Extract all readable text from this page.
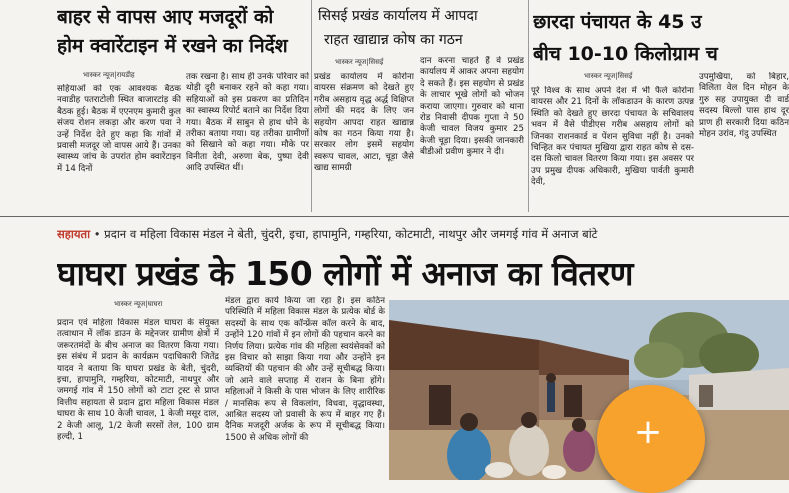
बाहर से वापस आए मजदूरों को
होम क्वारेंटाइन में रखने का निर्देश
भास्कर न्यूज|रायडीह
सहियाओं को एक आवश्यक बैठक नवाडीह पतराटोली स्थित बाजारटांड़ की बैठक हुई। बैठक में एएनएम कुमारी कुल संजय रोशन लकड़ा और करण पवा ने उन्हें निर्देश देते हुए कहा कि गांवों में प्रवासी मजदूर जो वापस आये हैं। उनका स्वास्थ्य जांच के उपरांत होम क्वारेंटाइन में 14 दिनों
तक रखना है। साथ ही उनके परिवार को थोड़ी दूरी बनाकर रहने को कहा गया। सहियाओं को इस प्रकरण का प्रतिदिन का स्वास्थ्य रिपोर्ट बताने का निर्देश दिया गया। बैठक में साबुन से हाथ धोने के तरीका बताया गया। यह तरीका ग्रामीणों को सिखाने को कहा गया। मौके पर विनीता देवी, अरुणा बेक, पुष्पा देवी आदि उपस्थित थीं।
सिसई प्रखंड कार्यालय में आपदा
राहत खाद्यान्न कोष का गठन
भास्कर न्यूज|सिसई
प्रखंड कार्यालय में कोरोना वायरस संक्रमण को देखते हुए गरीब असहाय वृद्ध अर्द्ध विक्षिप्त लोगों की मदद के लिए जन सहयोग आपदा राहत खाद्यान्न कोष का गठन किया गया है। सरकार लोग इसमें सहयोग स्वरूप चावल, आटा, चूड़ा जैसे खाद्य सामग्री
दान करना चाहते हैं वे प्रखंड कार्यालय में आकर अपना सहयोग दे सकते हैं। इस सहयोग से प्रखंड के लाचार भूखे लोगों को भोजन कराया जाएगा। गुरुवार को थाना रोड निवासी दीपक गुप्ता ने 50 केजी चावल विजय कुमार 25 केजी चूड़ा दिया। इसकी जानकारी बीडीओ प्रवीण कुमार ने दी।
छारदा पंचायत के 45 उ
बीच 10-10 किलोग्राम च
भास्कर न्यूज|सिसई
पूरे विश्व के साथ अपने देश में भी फैले कोरोना वायरस और 21 दिनों के लॉकडाउन के कारण उत्पन्न स्थिति को देखते हुए छारदा पंचायत के सचिवालय भवन में वैसे पीडीएस गरीब असहाय लोगों को जिनका राशनकार्ड व पेंशन सुविधा नहीं है। उनको चिन्हित कर पंचायत मुखिया द्वारा राहत कोष से दस-दस किलो चावल वितरण किया गया। इस अवसर पर उप प्रमुख दीपक अधिकारी, मुखिया पार्वती कुमारी देवी,
उपमुखिया, को बिहार, विलिता वेल दिन मोहन के गुरु सह उपायुक्त दी वार्ड सदस्य बिल्लो पास हाथ दूर प्राण ही सरकारी दिया कठिन मोहन उरांव, गंदु उपस्थित
सहायता • प्रदान व महिला विकास मंडल ने बेती, चुंदरी, इचा, हापामुनि, गम्हरिया, कोटमाटी, नाथपुर और जमगई गांव में अनाज बांटे
घाघरा प्रखंड के 150 लोगों में अनाज का वितरण
भास्कर न्यूज|घाघरा
प्रदान एवं महिला विकास मंडल घाघरा के संयुक्त तत्वाधान में लॉक डाउन के मद्देनजर ग्रामीण क्षेत्रों में जरूरतमंदों के बीच अनाज का वितरण किया गया। इस संबंध में प्रदान के कार्यक्रम पदाधिकारी जितेंद्र यादव ने बताया कि घाघरा प्रखंड के बेती, चुंदरी, इचा, हापामुनि, गम्हरिया, कोटमाटी, नाथपुर और जमगई गांव में 150 लोगों को टाटा ट्रस्ट से प्राप्त वित्तीय सहायता से प्रदान द्वारा महिला विकास मंडल घाघरा के साथ 10 केजी चावल, 1 केजी मसूर दाल, 2 केजी आलू, 1/2 केजी सरसों तेल, 100 ग्राम हल्दी, 1
मंडल द्वारा कार्य किया जा रहा है। इस कठिन परिस्थिति में महिला विकास मंडल के प्रत्येक बोर्ड के सदस्यों के साथ एक कॉन्फ्रेंस कॉल करने के बाद, उन्होंने 120 गांवों में इन लोगों की पहचान करने का निर्णय लिया। प्रत्येक गांव की महिला स्वयंसेवकों को इस विचार को साझा किया गया और उन्होंने इन व्यक्तियों की पहचान की और उन्हें सूचीबद्ध किया। जो आने वाले सप्ताह में राशन के बिना होंगे। महिलाओं ने किसी के पास भोजन के लिए शारीरिक / मानसिक रूप से विकलांग, विधवा, वृद्धावस्था, आश्रित सदस्य जो प्रवासी के रूप में बाहर गए हैं। दैनिक मजदूरी अर्जक के रूप में सूचीबद्ध किया। 1500 से अधिक लोगों की	+
